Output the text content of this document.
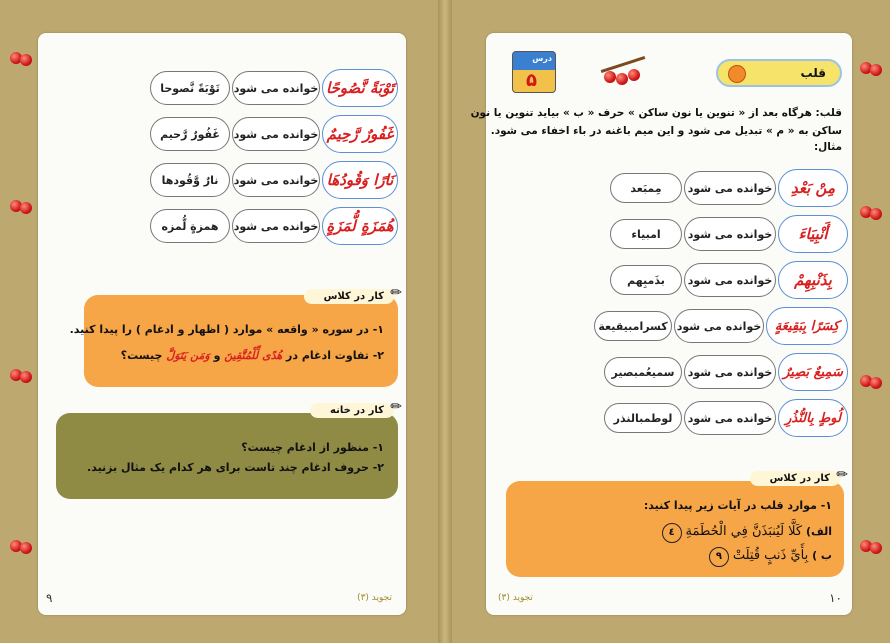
تَوْبَةً نَّصُوحًا
خوانده می شود
تَوْبَةً نَّصوحا
غَفُورٌ رَّحِيمٌ
خوانده می شود
غَفُورٌ رَّحيم
نَارًا وَقُودُهَا
خوانده می شود
نارٌ وَّقُودها
هُمَزَةٍ لُّمَزَةٍ
خوانده می شود
همزةٍ لُّمزه
۱- در سوره « واقعه » موارد ( اظهار و ادغام ) را پیدا کنید.
۲- تفاوت ادغام در هُدًى لِّلْمُتَّقِينَ و وَمَن يَتَوَلَّ چیست؟
کار در کلاس ✏
۱- منظور از ادغام چیست؟
۲- حروف ادغام چند تاست برای هر کدام یک مثال بزنید.
کار در خانه ✏
۹	تجوید (۳)
درس
۵	قلب
قلب: هرگاه بعد از « تنوین یا نون ساکن » حرف « ب » بیاید تنوین یا نون
ساکن به « م » تبدیل می شود و این میم باغنه در باء اخفاء می شود.
مثال:
مِنْ بَعْدِ
خوانده می شود
مِمبَعد
أَنْبِيَاءَ
خوانده می شود
امبیاء
بِذَنْبِهِمْ
خوانده می شود
بذَمبِهم
كِسَرًا بِبَقِيعَةٍ
خوانده می شود
کسرامبیقیعة
سَمِيعٌ بَصِيرٌ
خوانده می شود
سمیعُمبصیر
لُوطٍ بِالنُّذُرِ
خوانده می شود
لوطمبالنذر
۱- موارد قلب در آیات زیر پیدا کنید:
الف) كَلَّا لَيُنبَذَنَّ فِي الْحُطَمَةِ ٤
ب ) بِأَيِّ ذَنبٍ قُتِلَتْ ٩
کار در کلاس ✏
۱۰
تجوید (۳)
